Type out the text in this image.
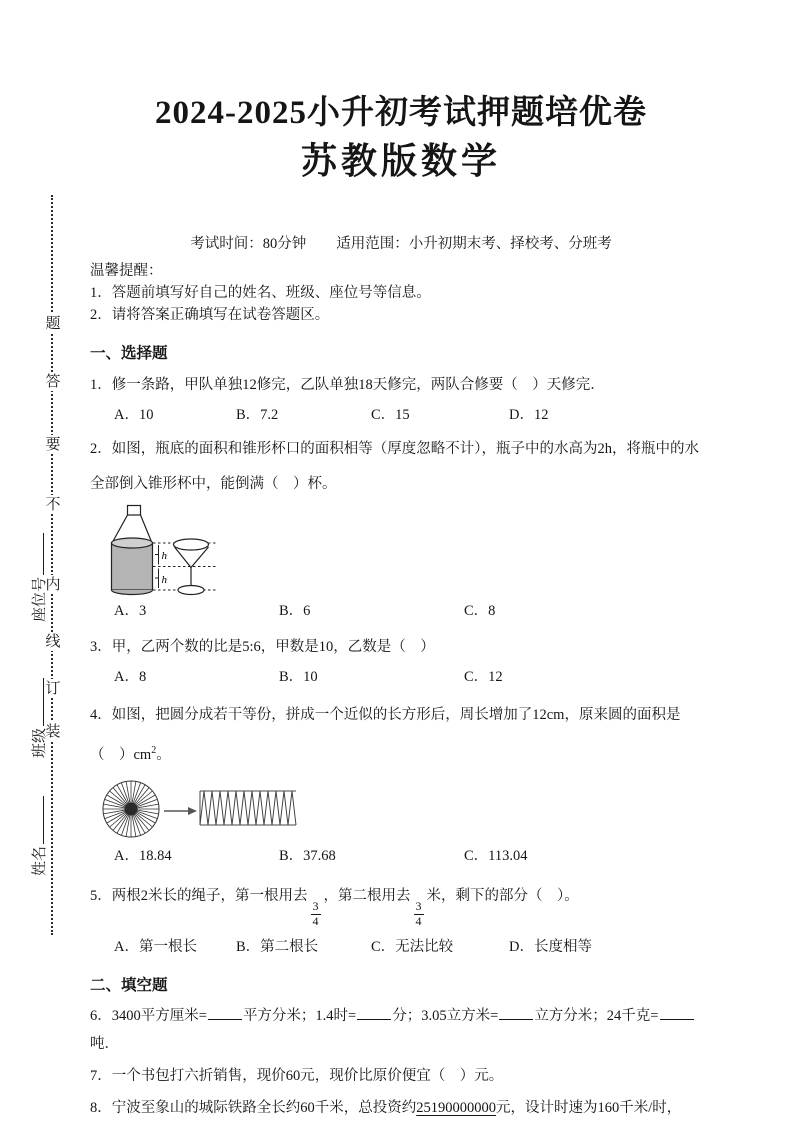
题
答
要
不
内
线
订
装
姓名
班级
座位号
2024-2025小升初考试押题培优卷
苏教版数学
考试时间：80分钟 适用范围：小升初期末考、择校考、分班考
温馨提醒：
1．答题前填写好自己的姓名、班级、座位号等信息。
2．请将答案正确填写在试卷答题区。
一、选择题
1．修一条路，甲队单独12修完，乙队单独18天修完，两队合修要（　）天修完．
A．10	B．7.2	C．15	D．12
2．如图，瓶底的面积和锥形杯口的面积相等（厚度忽略不计），瓶子中的水高为2h，将瓶中的水全部倒入锥形杯中，能倒满（　）杯。
h
h
A．3	B．6	C．8
3．甲，乙两个数的比是5:6，甲数是10，乙数是（　）
A．8	B．10	C．12
4．如图，把圆分成若干等份，拼成一个近似的长方形后，周长增加了12cm，原来圆的面积是（　）$cm^2$。
A．18.84	B．37.68	C．113.04
5．两根2米长的绳子，第一根用去
$\frac{3}{4}$
，第二根用去
$\frac{3}{4}$
米，剩下的部分（　）。
A．第一根长	B．第二根长	C．无法比较	D．长度相等
二、填空题
6．3400平方厘米= 平方分米；1.4时= 分；3.05立方米= 立方分米；24千克=吨．
7．一个书包打六折销售，现价60元，现价比原价便宜（　）元。
8．宁波至象山的城际铁路全长约60千米，总投资约25190000000元，设计时速为160千米/时，
